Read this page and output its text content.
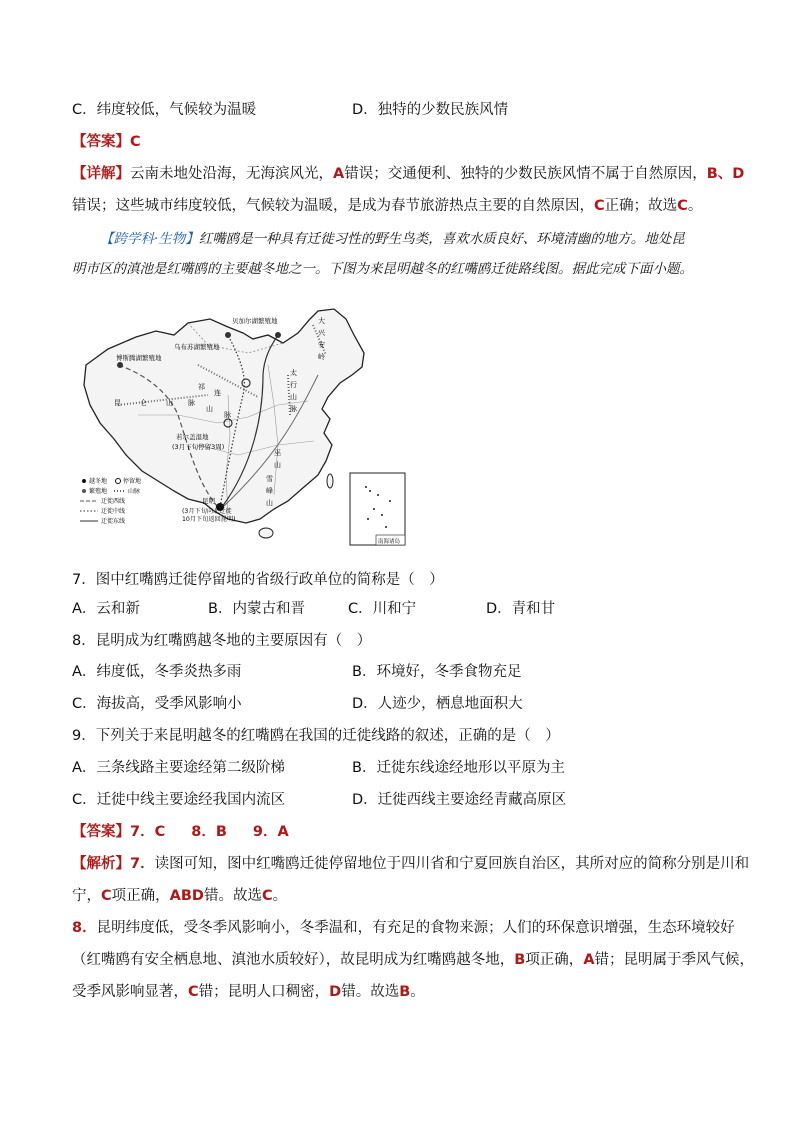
C．纬度较低，气候较为温暖	D．独特的少数民族风情
【答案】C
【详解】云南未地处沿海，无海滨风光，A错误；交通便利、独特的少数民族风情不属于自然原因，B、D
错误；这些城市纬度较低，气候较为温暖，是成为春节旅游热点主要的自然原因，C正确；故选C。
【跨学科·生物】红嘴鸥是一种具有迁徙习性的野生鸟类，喜欢水质良好、环境清幽的地方。地处昆
明市区的滇池是红嘴鸥的主要越冬地之一。下图为来昆明越冬的红嘴鸥迁徙路线图。据此完成下面小题。
贝加尔湖繁殖地
乌布苏湖繁殖地
博斯腾湖繁殖地
大
兴
安
岭
昆	仑	山 脉
祁
连
山
脉
太
行
山
脉
巫
山
雪
峰
山
若尔盖湿地
(3月下旬停留3周)
昆明
(3月下旬向北迁徙
10月下旬返回昆明)
越冬地	停留地
繁殖地	山脉
迁徙西线
迁徙中线
迁徙东线
南海诸岛
7．图中红嘴鸥迁徙停留地的省级行政单位的简称是（　）
A．云和新	B．内蒙古和晋	C．川和宁	D．青和甘
8．昆明成为红嘴鸥越冬地的主要原因有（　）
A．纬度低，冬季炎热多雨	B．环境好，冬季食物充足
C．海拔高，受季风影响小	D．人迹少，栖息地面积大
9．下列关于来昆明越冬的红嘴鸥在我国的迁徙线路的叙述，正确的是（　）
A．三条线路主要途经第二级阶梯	B．迁徙东线途经地形以平原为主
C．迁徙中线主要途经我国内流区	D．迁徙西线主要途经青藏高原区
【答案】7．C 8．B 9．A
【解析】7．读图可知，图中红嘴鸥迁徙停留地位于四川省和宁夏回族自治区，其所对应的简称分别是川和
宁，C项正确，ABD错。故选C。
8．昆明纬度低，受冬季风影响小，冬季温和，有充足的食物来源；人们的环保意识增强，生态环境较好
（红嘴鸥有安全栖息地、滇池水质较好），故昆明成为红嘴鸥越冬地，B项正确，A错；昆明属于季风气候，
受季风影响显著，C错；昆明人口稠密，D错。故选B。
